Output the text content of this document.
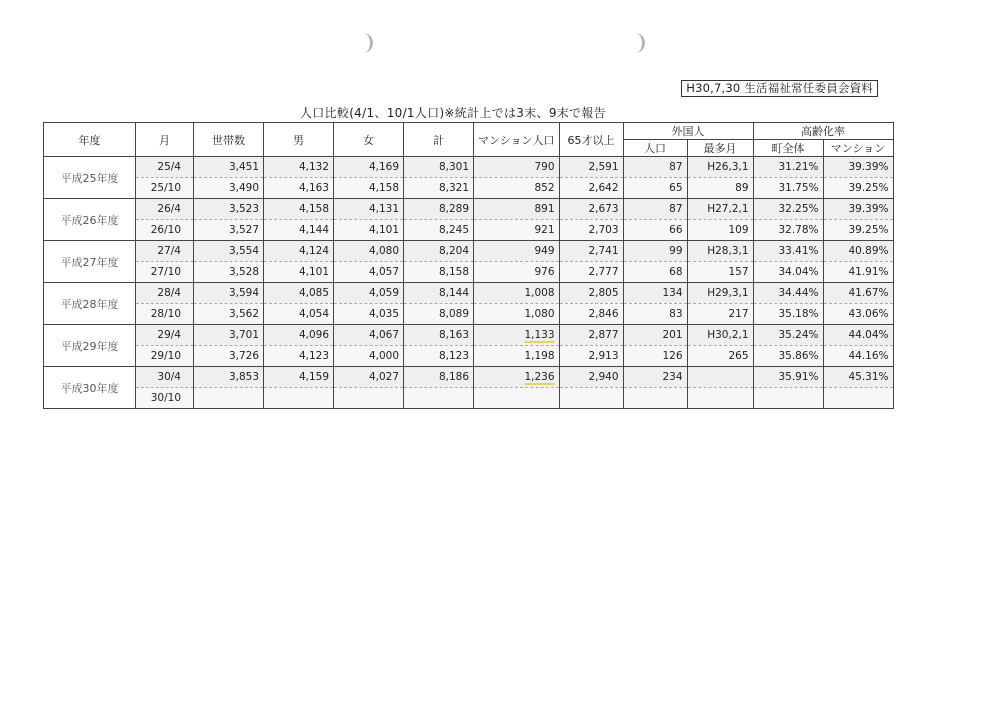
H30,7,30 生活福祉常任委員会資料
人口比較(4/1、10/1人口)※統計上では3末、9末で報告
年度	月	世帯数	男	女	計	マンション人口	65才以上	外国人		高齢化率	
								人口	最多月	町全体	マンション
平成25年度	25/4	3,451	4,132	4,169	8,301	790	2,591	87	H26,3,1	31.21%	39.39%
	25/10	3,490	4,163	4,158	8,321	852	2,642	65	89	31.75%	39.25%
平成26年度	26/4	3,523	4,158	4,131	8,289	891	2,673	87	H27,2,1	32.25%	39.39%
	26/10	3,527	4,144	4,101	8,245	921	2,703	66	109	32.78%	39.25%
平成27年度	27/4	3,554	4,124	4,080	8,204	949	2,741	99	H28,3,1	33.41%	40.89%
	27/10	3,528	4,101	4,057	8,158	976	2,777	68	157	34.04%	41.91%
平成28年度	28/4	3,594	4,085	4,059	8,144	1,008	2,805	134	H29,3,1	34.44%	41.67%
	28/10	3,562	4,054	4,035	8,089	1,080	2,846	83	217	35.18%	43.06%
平成29年度	29/4	3,701	4,096	4,067	8,163	1,133	2,877	201	H30,2,1	35.24%	44.04%
	29/10	3,726	4,123	4,000	8,123	1,198	2,913	126	265	35.86%	44.16%
平成30年度	30/4	3,853	4,159	4,027	8,186	1,236	2,940	234		35.91%	45.31%
	30/10										
